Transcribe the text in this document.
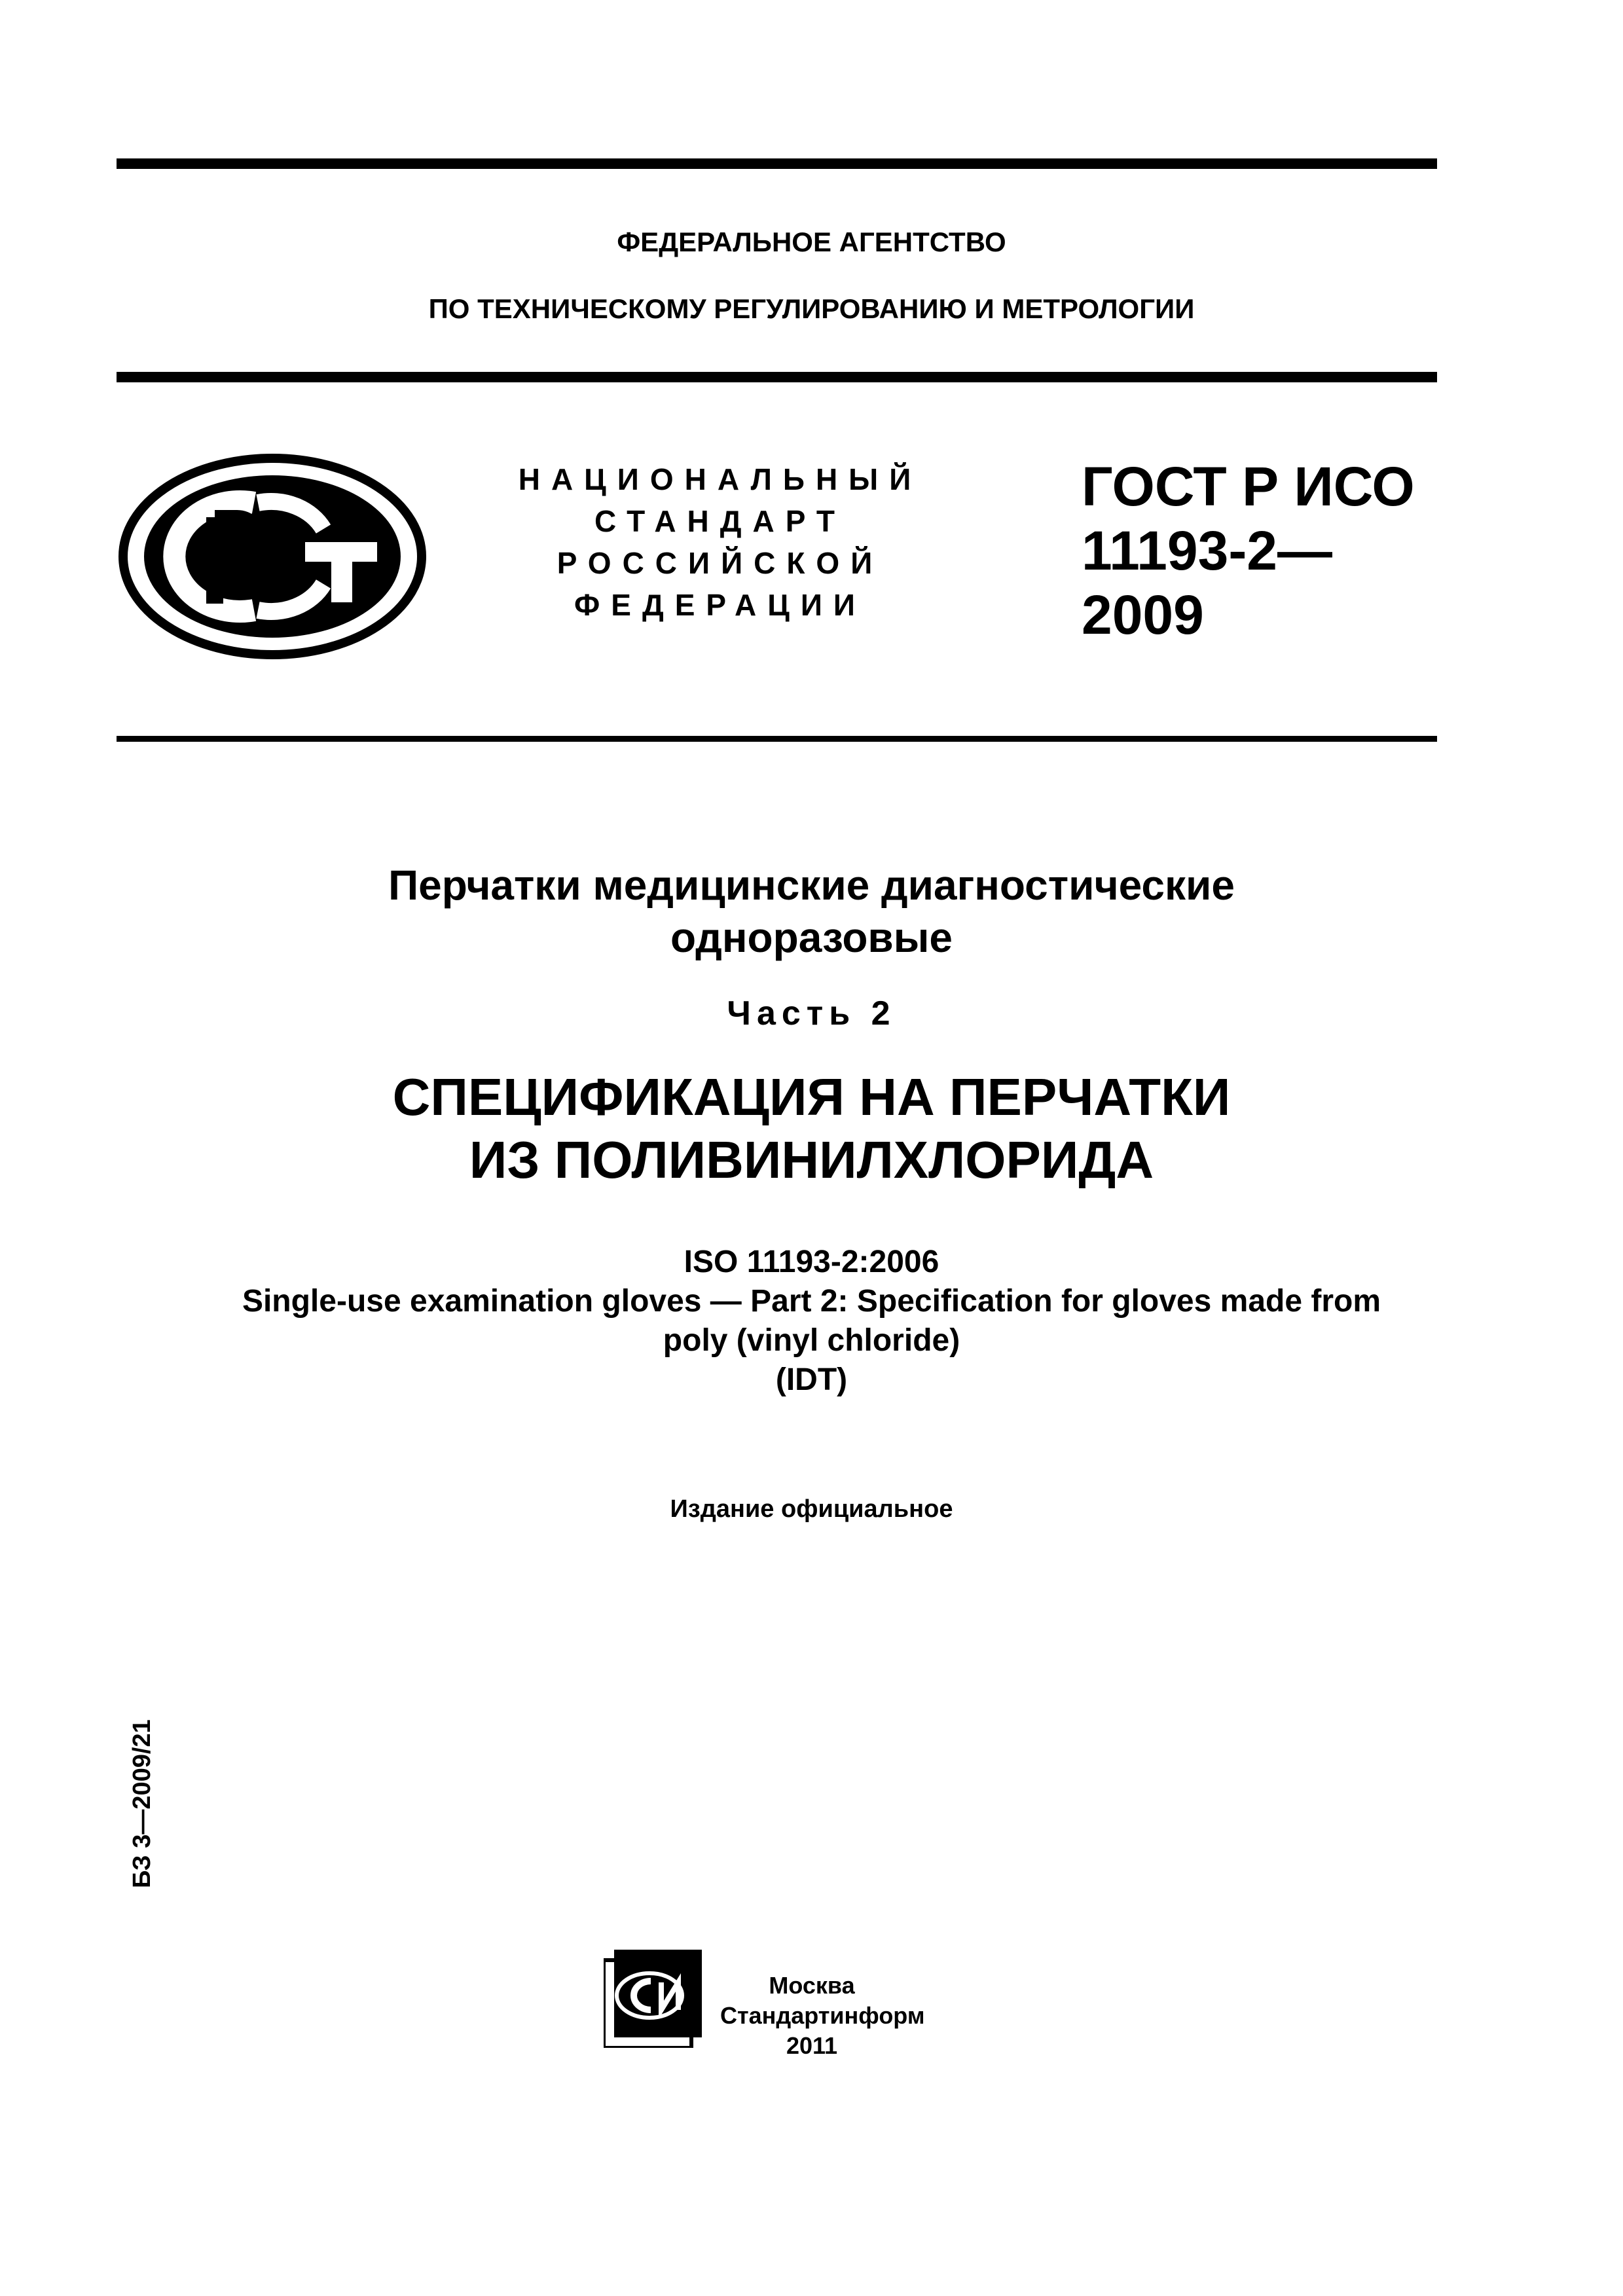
ФЕДЕРАЛЬНОЕ АГЕНТСТВО
ПО ТЕХНИЧЕСКОМУ РЕГУЛИРОВАНИЮ И МЕТРОЛОГИИ
НАЦИОНАЛЬНЫЙ
СТАНДАРТ
РОССИЙСКОЙ
ФЕДЕРАЦИИ
ГОСТ Р ИСО
11193-2—
2009
Перчатки медицинские диагностические
одноразовые
Часть 2
СПЕЦИФИКАЦИЯ НА ПЕРЧАТКИ
ИЗ ПОЛИВИНИЛХЛОРИДА
ISO 11193-2:2006
Single-use examination gloves — Part 2: Specification for gloves made from
poly (vinyl chloride)
(IDT)
Издание официальное
БЗ 3—2009/21
Москва
Стандартинформ
2011
